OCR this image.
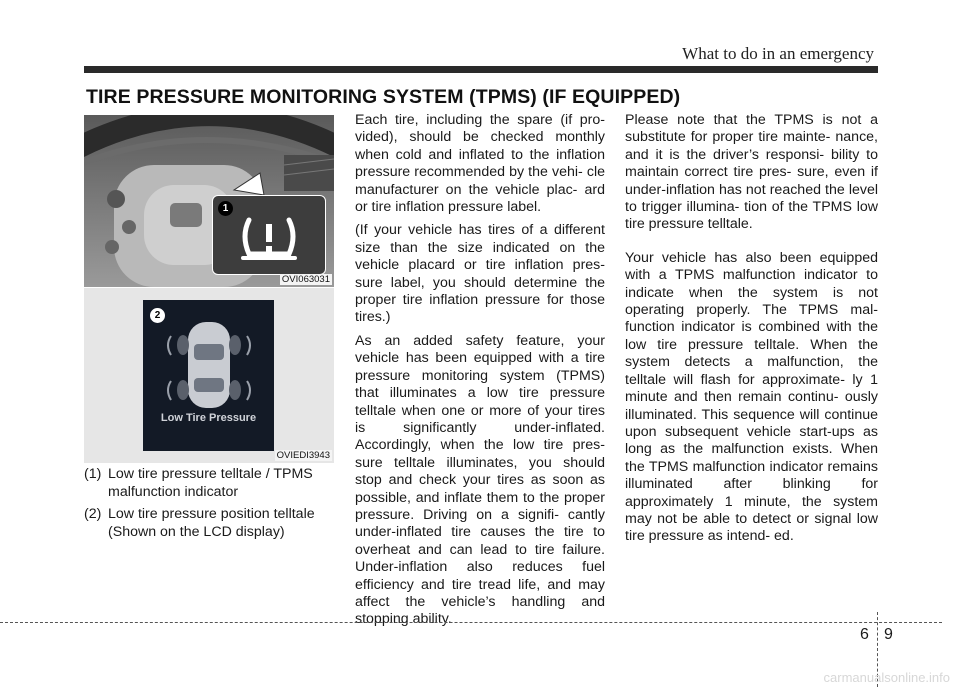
What to do in an emergency
TIRE PRESSURE MONITORING SYSTEM (TPMS) (IF EQUIPPED)
1
OVI063031
Low Tire Pressure
2
OVIEDI3943
(1) Low tire pressure telltale / TPMS malfunction indicator
(2) Low tire pressure position telltale (Shown on the LCD display)

Each tire, including the spare (if pro- vided), should be checked monthly when cold and inflated to the inflation pressure recommended by the vehi- cle manufacturer on the vehicle plac- ard or tire inflation pressure label.

(If your vehicle has tires of a different size than the size indicated on the vehicle placard or tire inflation pres- sure label, you should determine the proper tire inflation pressure for those tires.)

As an added safety feature, your vehicle has been equipped with a tire pressure monitoring system (TPMS) that illuminates a low tire pressure telltale when one or more of your tires is significantly under-inflated. Accordingly, when the low tire pres- sure telltale illuminates, you should stop and check your tires as soon as possible, and inflate them to the proper pressure. Driving on a signifi- cantly under-inflated tire causes the tire to overheat and can lead to tire failure. Under-inflation also reduces fuel efficiency and tire tread life, and may affect the vehicle’s handling and stopping ability.

Please note that the TPMS is not a substitute for proper tire mainte- nance, and it is the driver’s responsi- bility to maintain correct tire pres- sure, even if under-inflation has not reached the level to trigger illumina- tion of the TPMS low tire pressure telltale.

Your vehicle has also been equipped with a TPMS malfunction indicator to indicate when the system is not operating properly. The TPMS mal- function indicator is combined with the low tire pressure telltale. When the system detects a malfunction, the telltale will flash for approximate- ly 1 minute and then remain continu- ously illuminated. This sequence will continue upon subsequent vehicle start-ups as long as the malfunction exists. When the TPMS malfunction indicator remains illuminated after blinking for approximately 1 minute, the system may not be able to detect or signal low tire pressure as intend- ed.

6 9
carmanualsonline.info
